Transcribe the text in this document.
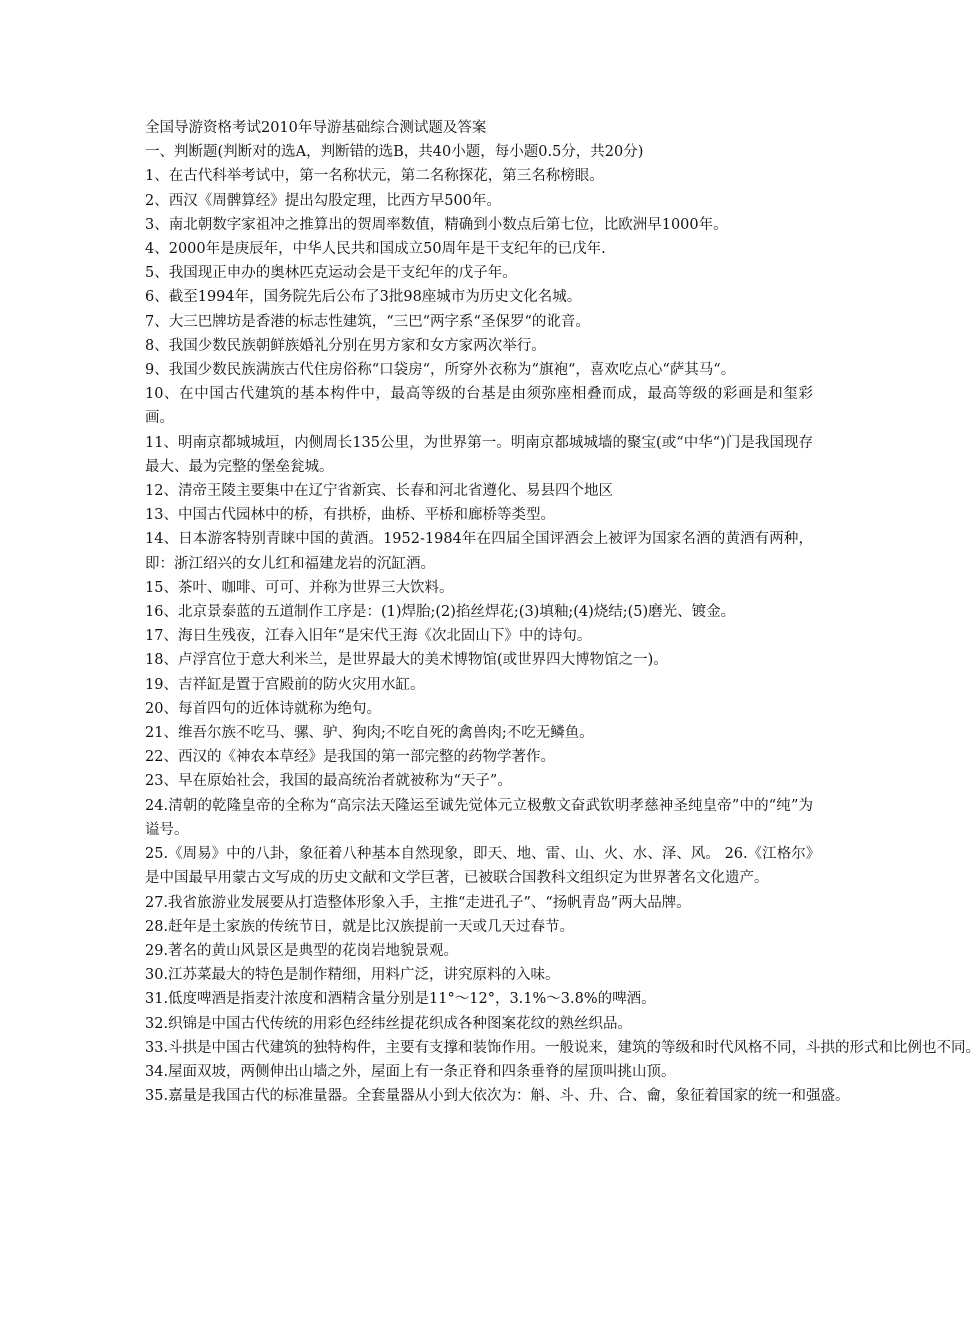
全国导游资格考试2010年导游基础综合测试题及答案
一、判断题(判断对的选A，判断错的选B，共40小题，每小题0.5分，共20分)
1、在古代科举考试中，第一名称状元，第二名称探花，第三名称榜眼。
2、西汉《周髀算经》提出勾股定理，比西方早500年。
3、南北朝数字家祖冲之推算出的贺周率数值，精确到小数点后第七位，比欧洲早1000年。
4、2000年是庚辰年，中华人民共和国成立50周年是干支纪年的已戊年.
5、我国现正申办的奥林匹克运动会是干支纪年的戊子年。
6、截至1994年，国务院先后公布了3批98座城市为历史文化名城。
7、大三巴牌坊是香港的标志性建筑，“三巴“两字系“圣保罗“的讹音。
8、我国少数民族朝鲜族婚礼分别在男方家和女方家两次举行。
9、我国少数民族满族古代住房俗称“口袋房“，所穿外衣称为“旗袍“，喜欢吃点心“萨其马“。
10、在中国古代建筑的基本构件中，最高等级的台基是由须弥座相叠而成，最高等级的彩画是和玺彩画。
11、明南京都城城垣，内侧周长135公里，为世界第一。明南京都城城墙的聚宝(或“中华“)门是我国现存最大、最为完整的堡垒瓮城。
12、清帝王陵主要集中在辽宁省新宾、长春和河北省遵化、易县四个地区
13、中国古代园林中的桥，有拱桥，曲桥、平桥和廊桥等类型。
14、日本游客特别青睐中国的黄酒。1952-1984年在四届全国评酒会上被评为国家名酒的黄酒有两种，即：浙江绍兴的女儿红和福建龙岩的沉缸酒。
15、茶叶、咖啡、可可、并称为世界三大饮料。
16、北京景泰蓝的五道制作工序是：(1)焊胎;(2)掐丝焊花;(3)填釉;(4)烧结;(5)磨光、镀金。
17、海日生残夜，江春入旧年“是宋代王海《次北固山下》中的诗句。
18、卢浮宫位于意大利米兰，是世界最大的美术博物馆(或世界四大博物馆之一)。
19、吉祥缸是置于宫殿前的防火灾用水缸。
20、每首四句的近体诗就称为绝句。
21、维吾尔族不吃马、骡、驴、狗肉;不吃自死的禽兽肉;不吃无鳞鱼。
22、西汉的《神农本草经》是我国的第一部完整的药物学著作。
23、早在原始社会，我国的最高统治者就被称为“天子”。
24.清朝的乾隆皇帝的全称为“高宗法天隆运至诚先觉体元立极敷文奋武钦明孝慈神圣纯皇帝”中的“纯”为谥号。
25.《周易》中的八卦，象征着八种基本自然现象，即天、地、雷、山、火、水、泽、风。 26.《江格尔》是中国最早用蒙古文写成的历史文献和文学巨著，已被联合国教科文组织定为世界著名文化遗产。
27.我省旅游业发展要从打造整体形象入手，主推“走进孔子”、“扬帆青岛”两大品牌。
28.赶年是土家族的传统节日，就是比汉族提前一天或几天过春节。
29.著名的黄山风景区是典型的花岗岩地貌景观。
30.江苏菜最大的特色是制作精细，用料广泛，讲究原料的入味。
31.低度啤酒是指麦汁浓度和酒精含量分别是11°～12°，3.1%～3.8%的啤酒。
32.织锦是中国古代传统的用彩色经纬丝提花织成各种图案花纹的熟丝织品。
33.斗拱是中国古代建筑的独特构件，主要有支撑和装饰作用。一般说来，建筑的等级和时代风格不同，斗拱的形式和比例也不同。
34.屋面双坡，两侧伸出山墙之外，屋面上有一条正脊和四条垂脊的屋顶叫挑山顶。
35.嘉量是我国古代的标准量器。全套量器从小到大依次为：斛、斗、升、合、龠，象征着国家的统一和强盛。
